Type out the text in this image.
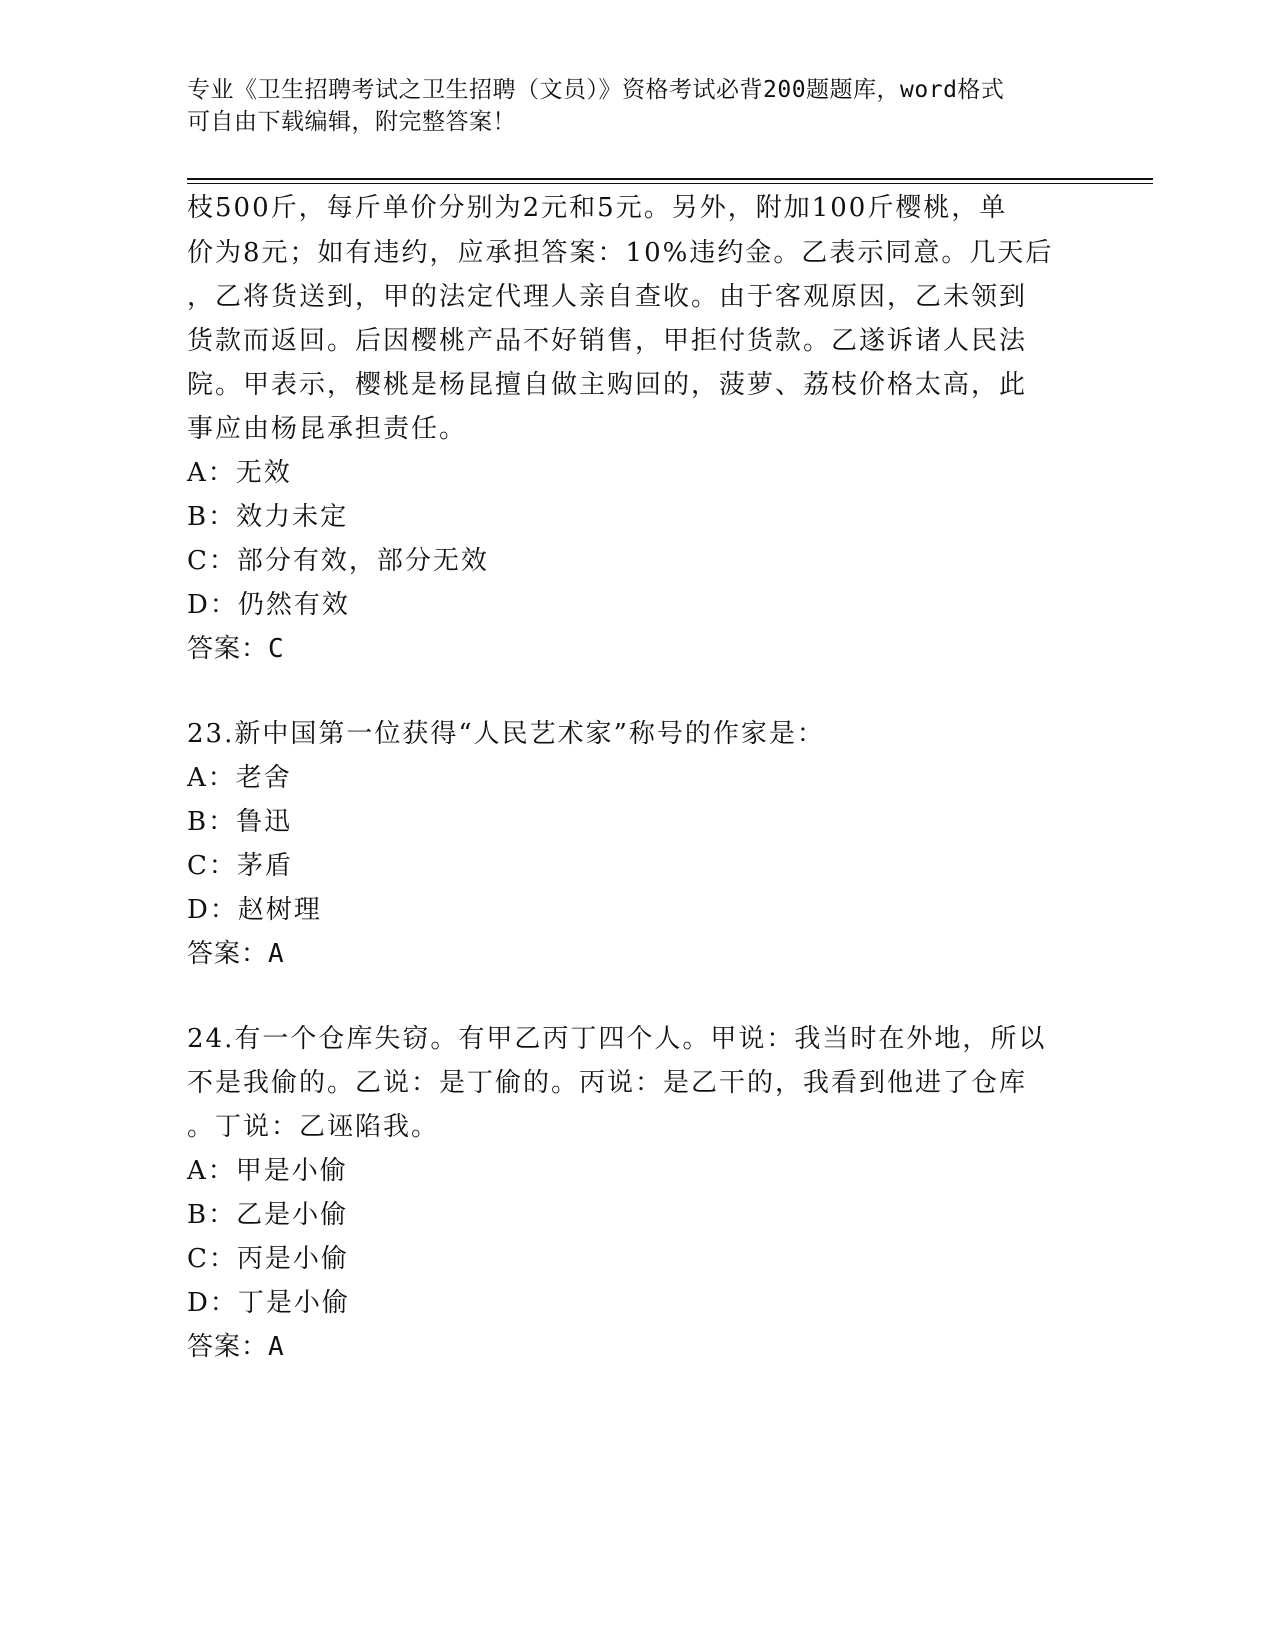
专业《卫生招聘考试之卫生招聘（文员）》资格考试必背200题题库，word格式
可自由下载编辑，附完整答案！
枝500斤，每斤单价分别为2元和5元。另外，附加100斤樱桃，单
价为8元；如有违约，应承担答案：10%违约金。乙表示同意。几天后
，乙将货送到，甲的法定代理人亲自查收。由于客观原因，乙未领到
货款而返回。后因樱桃产品不好销售，甲拒付货款。乙遂诉诸人民法
院。甲表示，樱桃是杨昆擅自做主购回的，菠萝、荔枝价格太高，此
事应由杨昆承担责任。
A：无效
B：效力未定
C：部分有效，部分无效
D：仍然有效
答案：C
23.新中国第一位获得“人民艺术家”称号的作家是：
A：老舍
B：鲁迅
C：茅盾
D：赵树理
答案：A
24.有一个仓库失窃。有甲乙丙丁四个人。甲说：我当时在外地，所以
不是我偷的。乙说：是丁偷的。丙说：是乙干的，我看到他进了仓库
。丁说：乙诬陷我。
A：甲是小偷
B：乙是小偷
C：丙是小偷
D：丁是小偷
答案：A
